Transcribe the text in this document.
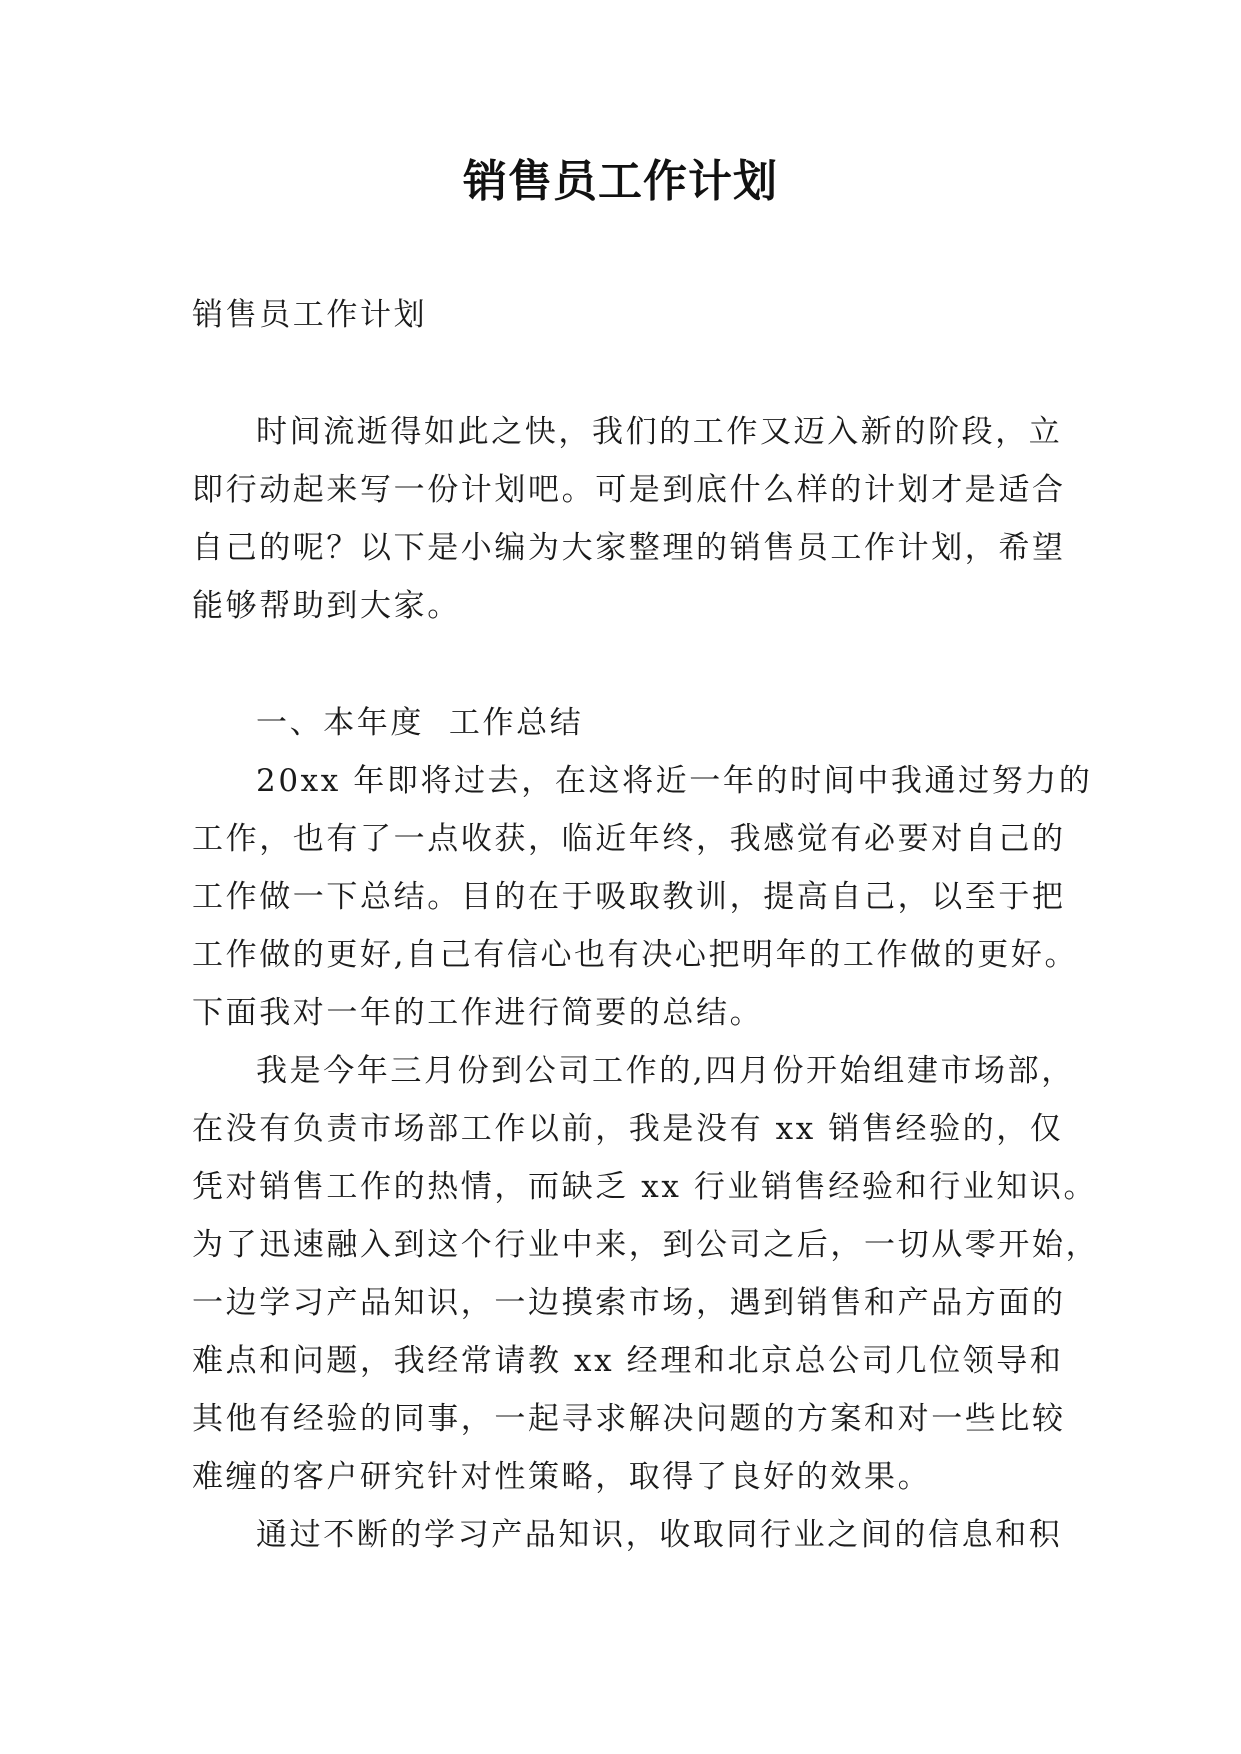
销售员工作计划
销售员工作计划
时间流逝得如此之快，我们的工作又迈入新的阶段，立
即行动起来写一份计划吧。可是到底什么样的计划才是适合
自己的呢？以下是小编为大家整理的销售员工作计划，希望
能够帮助到大家。
一、本年度  工作总结
20xx 年即将过去，在这将近一年的时间中我通过努力的
工作，也有了一点收获，临近年终，我感觉有必要对自己的
工作做一下总结。目的在于吸取教训，提高自己，以至于把
工作做的更好,自己有信心也有决心把明年的工作做的更好。
下面我对一年的工作进行简要的总结。
我是今年三月份到公司工作的,四月份开始组建市场部，
在没有负责市场部工作以前，我是没有 xx 销售经验的，仅
凭对销售工作的热情，而缺乏 xx 行业销售经验和行业知识。
为了迅速融入到这个行业中来，到公司之后，一切从零开始，
一边学习产品知识，一边摸索市场，遇到销售和产品方面的
难点和问题，我经常请教 xx 经理和北京总公司几位领导和
其他有经验的同事，一起寻求解决问题的方案和对一些比较
难缠的客户研究针对性策略，取得了良好的效果。
通过不断的学习产品知识，收取同行业之间的信息和积
